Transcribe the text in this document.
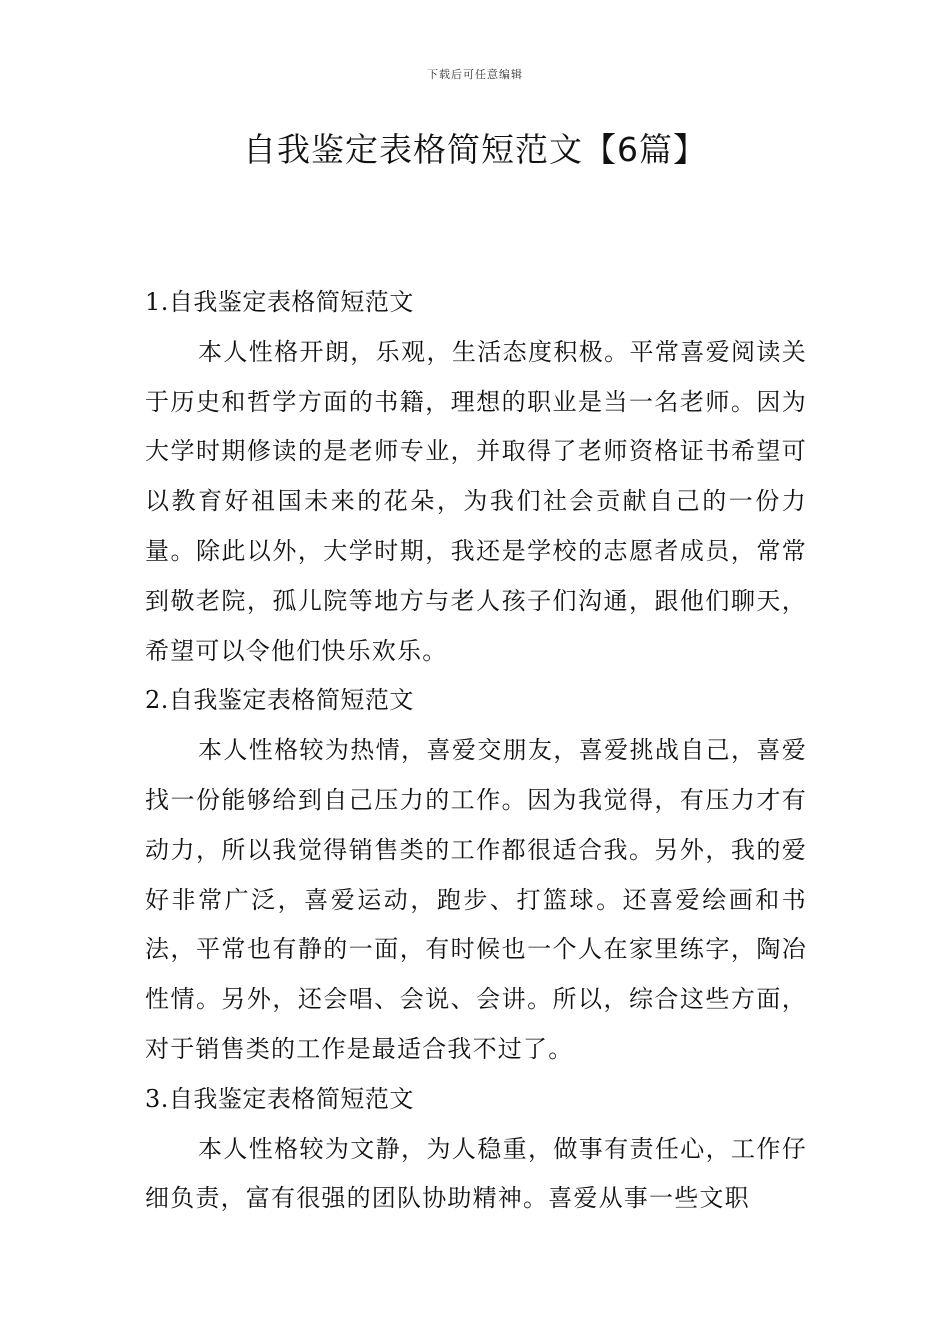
下载后可任意编辑
自我鉴定表格简短范文【6篇】

1.自我鉴定表格简短范文

本人性格开朗，乐观，生活态度积极。平常喜爱阅读关于历史和哲学方面的书籍，理想的职业是当一名老师。因为大学时期修读的是老师专业，并取得了老师资格证书希望可以教育好祖国未来的花朵，为我们社会贡献自己的一份力量。除此以外，大学时期，我还是学校的志愿者成员，常常到敬老院，孤儿院等地方与老人孩子们沟通，跟他们聊天，希望可以令他们快乐欢乐。

2.自我鉴定表格简短范文

本人性格较为热情，喜爱交朋友，喜爱挑战自己，喜爱找一份能够给到自己压力的工作。因为我觉得，有压力才有动力，所以我觉得销售类的工作都很适合我。另外，我的爱好非常广泛，喜爱运动，跑步、打篮球。还喜爱绘画和书法，平常也有静的一面，有时候也一个人在家里练字，陶冶性情。另外，还会唱、会说、会讲。所以，综合这些方面，对于销售类的工作是最适合我不过了。

3.自我鉴定表格简短范文

本人性格较为文静，为人稳重，做事有责任心，工作仔细负责，富有很强的团队协助精神。喜爱从事一些文职
